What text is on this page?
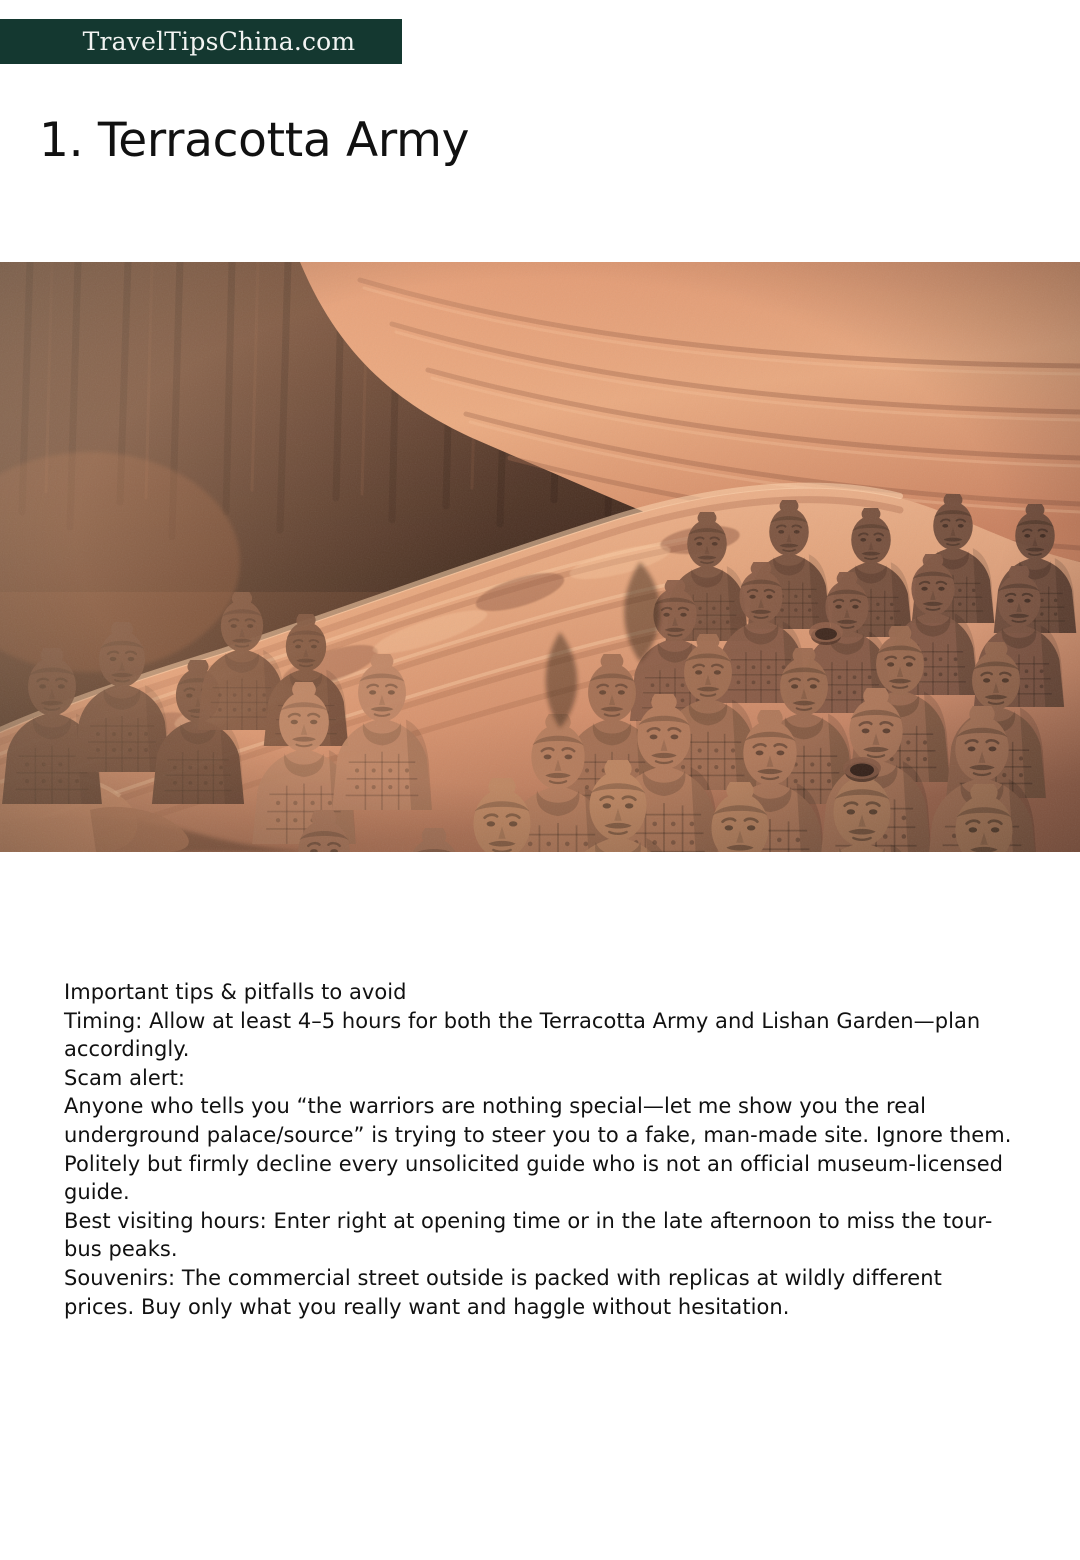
TravelTipsChina.com
1. Terracotta Army

Important tips & pitfalls to avoid

Timing: Allow at least 4–5 hours for both the Terracotta Army and Lishan Garden—plan accordingly.

Scam alert:

Anyone who tells you “the warriors are nothing special—let me show you the real underground palace/source” is trying to steer you to a fake, man-made site. Ignore them.

Politely but firmly decline every unsolicited guide who is not an official museum-licensed guide.

Best visiting hours: Enter right at opening time or in the late afternoon to miss the tour-bus peaks.

Souvenirs: The commercial street outside is packed with replicas at wildly different prices. Buy only what you really want and haggle without hesitation.
